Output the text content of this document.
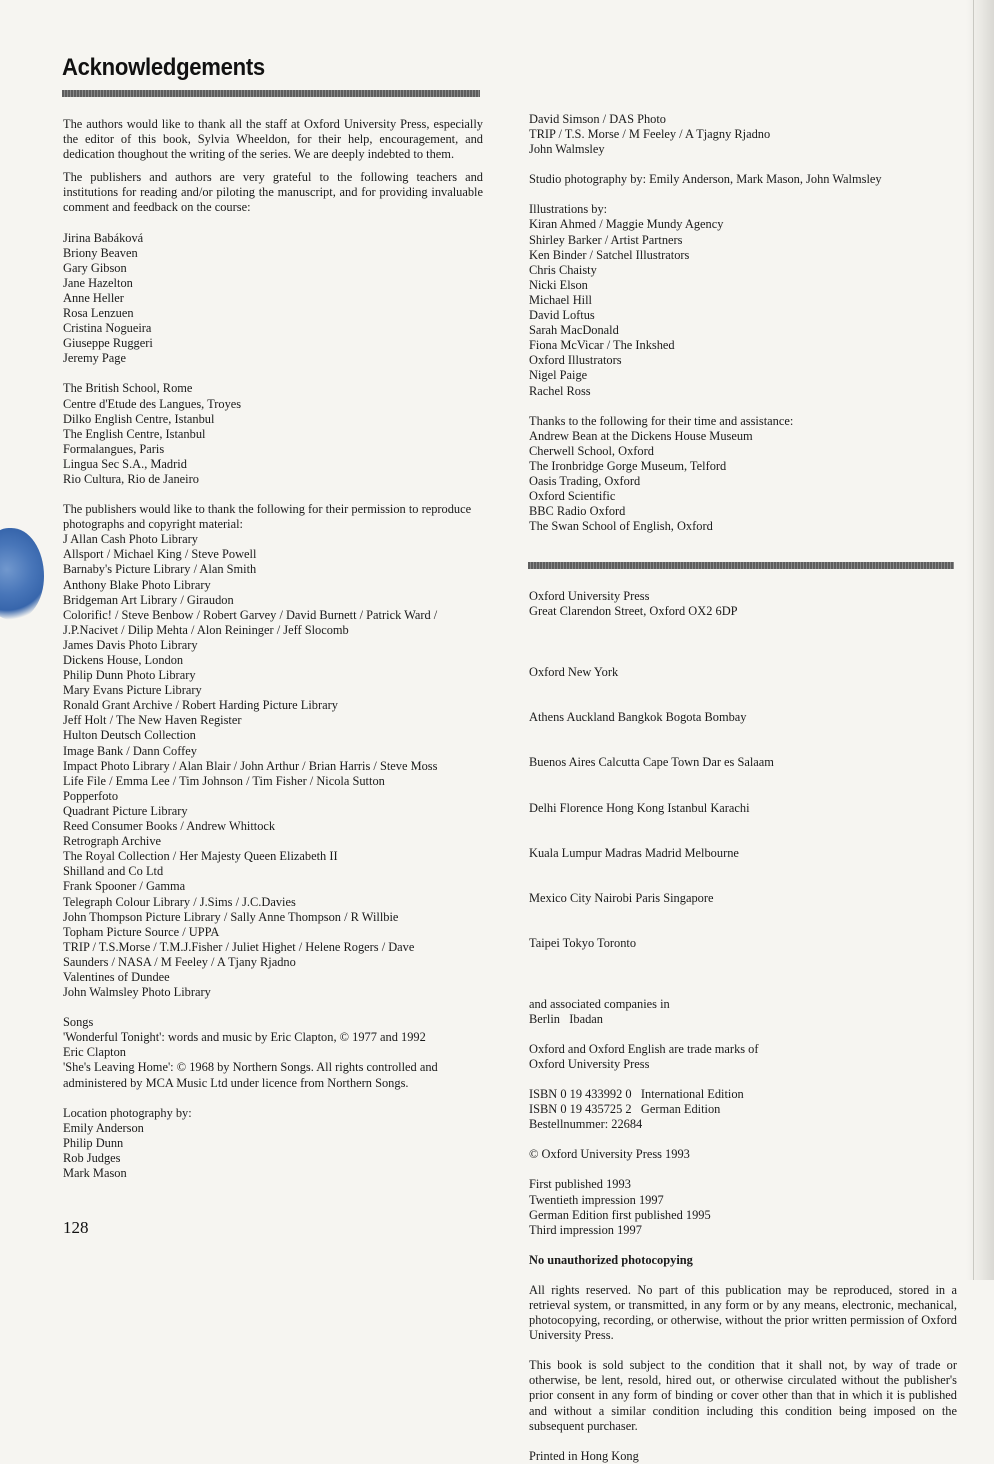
Acknowledgements

The authors would like to thank all the staff at Oxford University Press, especially the editor of this book, Sylvia Wheeldon, for their help, encouragement, and dedication thoughout the writing of the series. We are deeply indebted to them.

The publishers and authors are very grateful to the following teachers and institutions for reading and/or piloting the manuscript, and for providing invaluable comment and feedback on the course:

Jirina Babáková
Briony Beaven
Gary Gibson
Jane Hazelton
Anne Heller
Rosa Lenzuen
Cristina Nogueira
Giuseppe Ruggeri
Jeremy Page
The British School, Rome
Centre d'Etude des Langues, Troyes
Dilko English Centre, Istanbul
The English Centre, Istanbul
Formalangues, Paris
Lingua Sec S.A., Madrid
Rio Cultura, Rio de Janeiro

The publishers would like to thank the following for their permission to reproduce photographs and copyright material:

J Allan Cash Photo Library
Allsport / Michael King / Steve Powell
Barnaby's Picture Library / Alan Smith
Anthony Blake Photo Library
Bridgeman Art Library / Giraudon
Colorific! / Steve Benbow / Robert Garvey / David Burnett / Patrick Ward /
J.P.Nacivet / Dilip Mehta / Alon Reininger / Jeff Slocomb
James Davis Photo Library
Dickens House, London
Philip Dunn Photo Library
Mary Evans Picture Library
Ronald Grant Archive / Robert Harding Picture Library
Jeff Holt / The New Haven Register
Hulton Deutsch Collection
Image Bank / Dann Coffey
Impact Photo Library / Alan Blair / John Arthur / Brian Harris / Steve Moss
Life File / Emma Lee / Tim Johnson / Tim Fisher / Nicola Sutton
Popperfoto
Quadrant Picture Library
Reed Consumer Books / Andrew Whittock
Retrograph Archive
The Royal Collection / Her Majesty Queen Elizabeth II
Shilland and Co Ltd
Frank Spooner / Gamma
Telegraph Colour Library / J.Sims / J.C.Davies
John Thompson Picture Library / Sally Anne Thompson / R Willbie
Topham Picture Source / UPPA
TRIP / T.S.Morse / T.M.J.Fisher / Juliet Highet / Helene Rogers / Dave
Saunders / NASA / M Feeley / A Tjany Rjadno
Valentines of Dundee
John Walmsley Photo Library
Songs
'Wonderful Tonight': words and music by Eric Clapton, © 1977 and 1992
Eric Clapton
'She's Leaving Home': © 1968 by Northern Songs. All rights controlled and
administered by MCA Music Ltd under licence from Northern Songs.
Location photography by:
Emily Anderson
Philip Dunn
Rob Judges
Mark Mason
128
David Simson / DAS Photo
TRIP / T.S. Morse / M Feeley / A Tjagny Rjadno
John Walmsley
Studio photography by: Emily Anderson, Mark Mason, John Walmsley
Illustrations by:
Kiran Ahmed / Maggie Mundy Agency
Shirley Barker / Artist Partners
Ken Binder / Satchel Illustrators
Chris Chaisty
Nicki Elson
Michael Hill
David Loftus
Sarah MacDonald
Fiona McVicar / The Inkshed
Oxford Illustrators
Nigel Paige
Rachel Ross
Thanks to the following for their time and assistance:
Andrew Bean at the Dickens House Museum
Cherwell School, Oxford
The Ironbridge Gorge Museum, Telford
Oasis Trading, Oxford
Oxford Scientific
BBC Radio Oxford
The Swan School of English, Oxford
Oxford University Press
Great Clarendon Street, Oxford OX2 6DP

Oxford New York

Athens Auckland Bangkok Bogota Bombay

Buenos Aires Calcutta Cape Town Dar es Salaam

Delhi Florence Hong Kong Istanbul Karachi

Kuala Lumpur Madras Madrid Melbourne

Mexico City Nairobi Paris Singapore

Taipei Tokyo Toronto

and associated companies in
Berlin   Ibadan
Oxford and Oxford English are trade marks of
Oxford University Press
ISBN 0 19 433992 0   International Edition
ISBN 0 19 435725 2   German Edition
Bestellnummer: 22684
© Oxford University Press 1993
First published 1993
Twentieth impression 1997
German Edition first published 1995
Third impression 1997
No unauthorized photocopying

All rights reserved. No part of this publication may be reproduced, stored in a retrieval system, or transmitted, in any form or by any means, electronic, mechanical, photocopying, recording, or otherwise, without the prior written permission of Oxford University Press.

This book is sold subject to the condition that it shall not, by way of trade or otherwise, be lent, resold, hired out, or otherwise circulated without the publisher's prior consent in any form of binding or cover other than that in which it is published and without a similar condition including this condition being imposed on the subsequent purchaser.

Printed in Hong Kong
